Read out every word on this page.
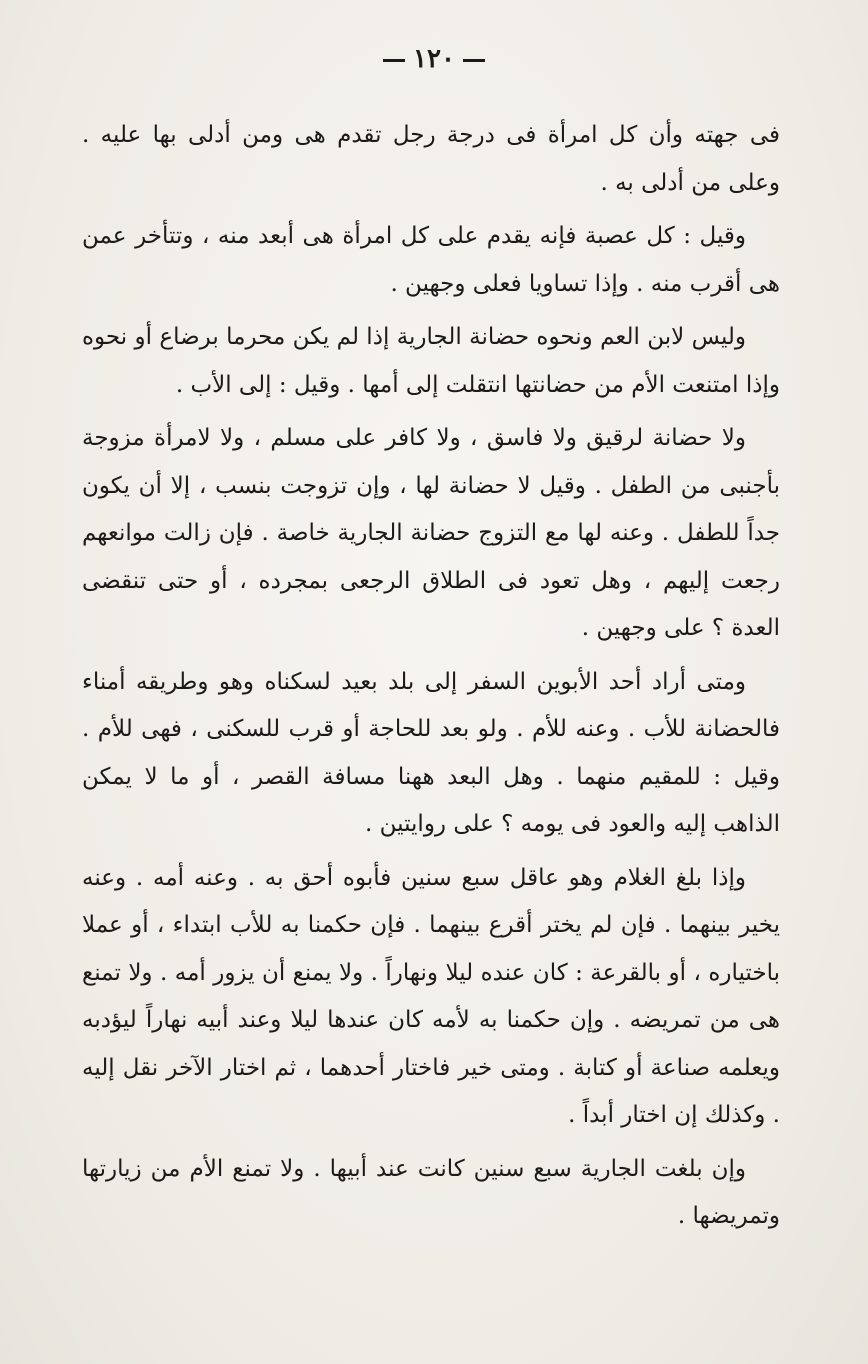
١٢٠

فى جهته وأن كل امرأة فى درجة رجل تقدم هى ومن أدلى بها عليه . وعلى من أدلى به .

وقيل : كل عصبة فإنه يقدم على كل امرأة هى أبعد منه ، وتتأخر عمن هى أقرب منه . وإذا تساويا فعلى وجهين .

وليس لابن العم ونحوه حضانة الجارية إذا لم يكن محرما برضاع أو نحوه وإذا امتنعت الأم من حضانتها انتقلت إلى أمها . وقيل : إلى الأب .

ولا حضانة لرقيق ولا فاسق ، ولا كافر على مسلم ، ولا لامرأة مزوجة بأجنبى من الطفل . وقيل لا حضانة لها ، وإن تزوجت بنسب ، إلا أن يكون جداً للطفل . وعنه لها مع التزوج حضانة الجارية خاصة . فإن زالت موانعهم رجعت إليهم ، وهل تعود فى الطلاق الرجعى بمجرده ، أو حتى تنقضى العدة ؟ على وجهين .

ومتى أراد أحد الأبوين السفر إلى بلد بعيد لسكناه وهو وطريقه أمناء فالحضانة للأب . وعنه للأم . ولو بعد للحاجة أو قرب للسكنى ، فهى للأم . وقيل : للمقيم منهما . وهل البعد ههنا مسافة القصر ، أو ما لا يمكن الذاهب إليه والعود فى يومه ؟ على روايتين .

وإذا بلغ الغلام وهو عاقل سبع سنين فأبوه أحق به . وعنه أمه . وعنه يخير بينهما . فإن لم يختر أقرع بينهما . فإن حكمنا به للأب ابتداء ، أو عملا باختياره ، أو بالقرعة : كان عنده ليلا ونهاراً . ولا يمنع أن يزور أمه . ولا تمنع هى من تمريضه . وإن حكمنا به لأمه كان عندها ليلا وعند أبيه نهاراً ليؤدبه ويعلمه صناعة أو كتابة . ومتى خير فاختار أحدهما ، ثم اختار الآخر نقل إليه . وكذلك إن اختار أبداً .

وإن بلغت الجارية سبع سنين كانت عند أبيها . ولا تمنع الأم من زيارتها وتمريضها .
